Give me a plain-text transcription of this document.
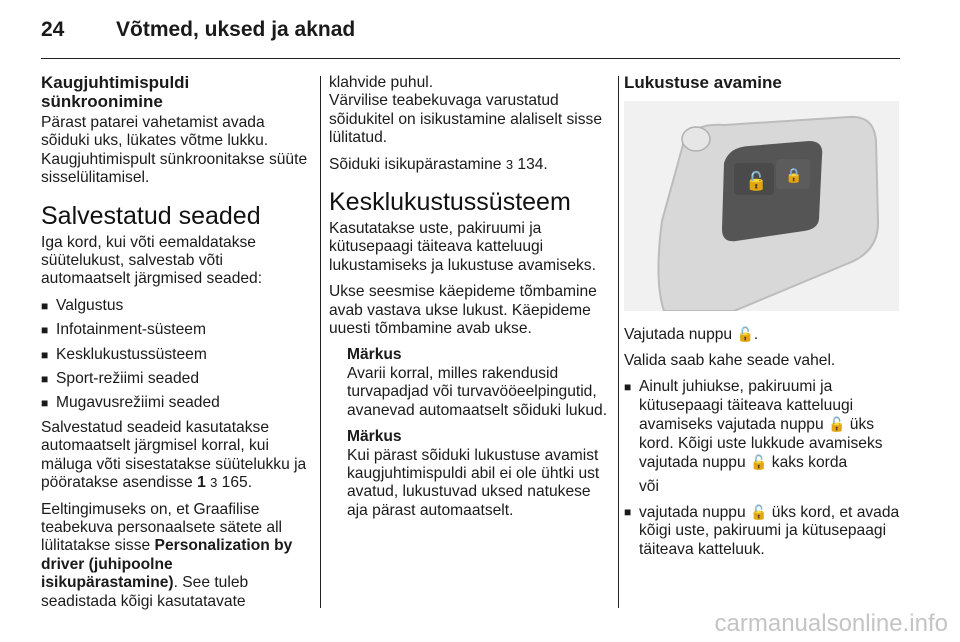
24 Võtmed, uksed ja aknad
Kaugjuhtimispuldi
sünkroonimine

Pärast patarei vahetamist avada sõiduki uks, lükates võtme lukku. Kaugjuhtimispult sünkroonitakse süüte sisselülitamisel.

Salvestatud seaded

Iga kord, kui võti eemaldatakse süütelukust, salvestab võti automaatselt järgmised seaded:

■ Valgustus
■ Infotainment-süsteem
■ Kesklukustussüsteem
■ Sport-režiimi seaded
■ Mugavusrežiimi seaded

Salvestatud seadeid kasutatakse automaatselt järgmisel korral, kui mäluga võti sisestatakse süütelukku ja pööratakse asendisse 1 3 165.

Eeltingimuseks on, et Graafilise teabekuva personaalsete sätete all lülitatakse sisse Personalization by driver (juhipoolne isikupärastamine). See tuleb seadistada kõigi kasutatavate

klahvide puhul.

Värvilise teabekuvaga varustatud sõidukitel on isikustamine alaliselt sisse lülitatud.

Sõiduki isikupärastamine 3 134.

Kesklukustussüsteem

Kasutatakse uste, pakiruumi ja kütusepaagi täiteava katteluugi lukustamiseks ja lukustuse avamiseks.

Ukse seesmise käepideme tõmbamine avab vastava ukse lukust. Käepideme uuesti tõmbamine avab ukse.

Märkus

Avarii korral, milles rakendusid turvapadjad või turvavööeelpingutid, avanevad automaatselt sõiduki lukud.

Märkus

Kui pärast sõiduki lukustuse avamist kaugjuhtimispuldi abil ei ole ühtki ust avatud, lukustuvad uksed natukese aja pärast automaatselt.

Lukustuse avamine
🔓 🔒

Vajutada nuppu 🔓.

Valida saab kahe seade vahel.

■ Ainult juhiukse, pakiruumi ja kütusepaagi täiteava katteluugi avamiseks vajutada nuppu 🔓 üks kord. Kõigi uste lukkude avamiseks vajutada nuppu 🔓 kaks korda
või
■ vajutada nuppu 🔓 üks kord, et avada kõigi uste, pakiruumi ja kütusepaagi täiteava katteluuk.
carmanualsonline.info
